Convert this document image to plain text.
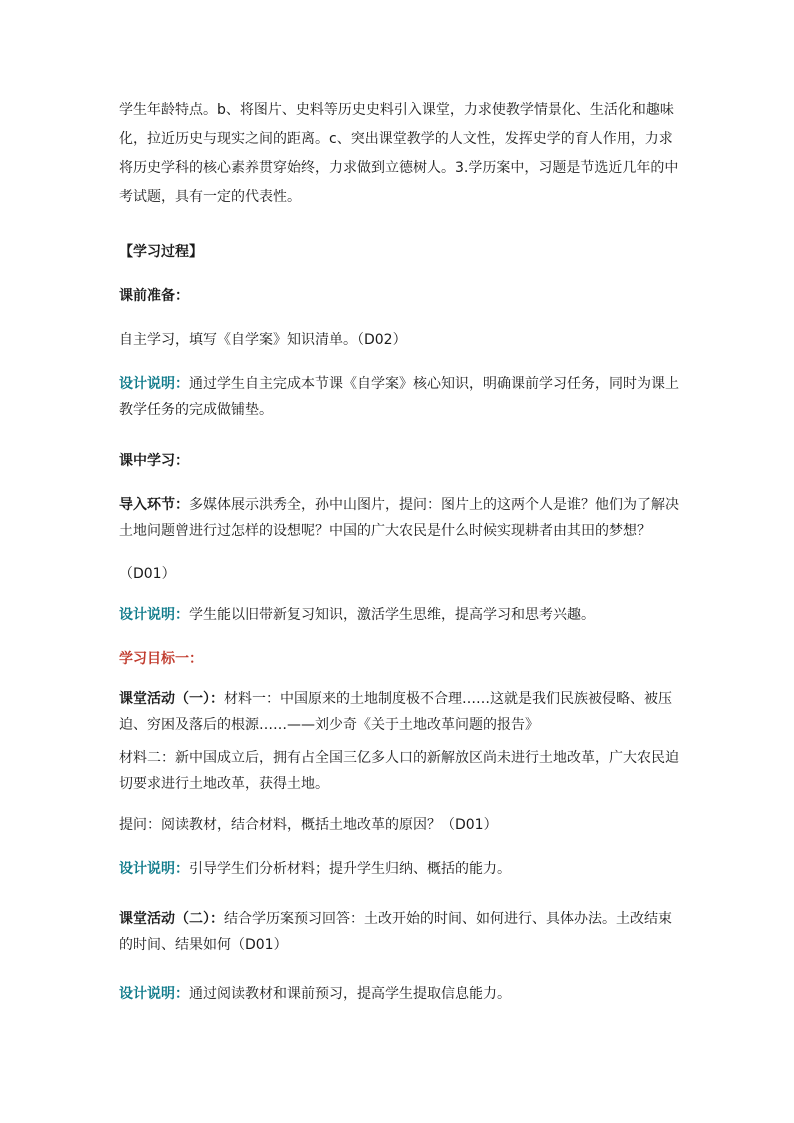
学生年龄特点。b、将图片、史料等历史史料引入课堂，力求使教学情景化、生活化和趣味
化，拉近历史与现实之间的距离。c、突出课堂教学的人文性，发挥史学的育人作用，力求
将历史学科的核心素养贯穿始终，力求做到立德树人。3.学历案中，习题是节选近几年的中
考试题，具有一定的代表性。
【学习过程】
课前准备：
自主学习，填写《自学案》知识清单。（D02）
设计说明：通过学生自主完成本节课《自学案》核心知识，明确课前学习任务，同时为课上
教学任务的完成做铺垫。
课中学习：
导入环节：多媒体展示洪秀全，孙中山图片，提问：图片上的这两个人是谁？他们为了解决
土地问题曾进行过怎样的设想呢？中国的广大农民是什么时候实现耕者由其田的梦想？
（D01）
设计说明：学生能以旧带新复习知识，激活学生思维，提高学习和思考兴趣。
学习目标一：
课堂活动（一）：材料一：中国原来的土地制度极不合理……这就是我们民族被侵略、被压
迫、穷困及落后的根源……——刘少奇《关于土地改革问题的报告》
材料二：新中国成立后，拥有占全国三亿多人口的新解放区尚未进行土地改革，广大农民迫
切要求进行土地改革，获得土地。
提问：阅读教材，结合材料，概括土地改革的原因？（D01）
设计说明：引导学生们分析材料；提升学生归纳、概括的能力。
课堂活动（二）：结合学历案预习回答：土改开始的时间、如何进行、具体办法。土改结束
的时间、结果如何（D01）
设计说明：通过阅读教材和课前预习，提高学生提取信息能力。
